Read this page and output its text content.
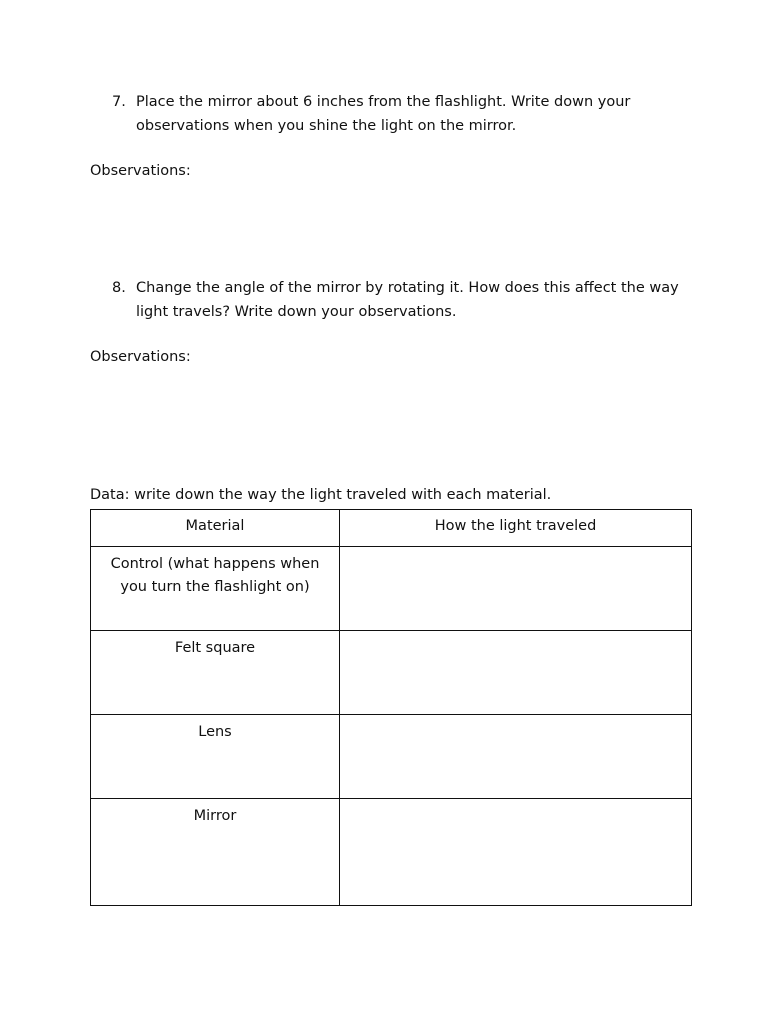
7. Place the mirror about 6 inches from the flashlight. Write down your observations when you shine the light on the mirror.
Observations:
8. Change the angle of the mirror by rotating it. How does this affect the way light travels? Write down your observations.
Observations:
Data: write down the way the light traveled with each material.
Material	How the light traveled
Control (what happens when you turn the flashlight on)	
Felt square	
Lens	
Mirror	
